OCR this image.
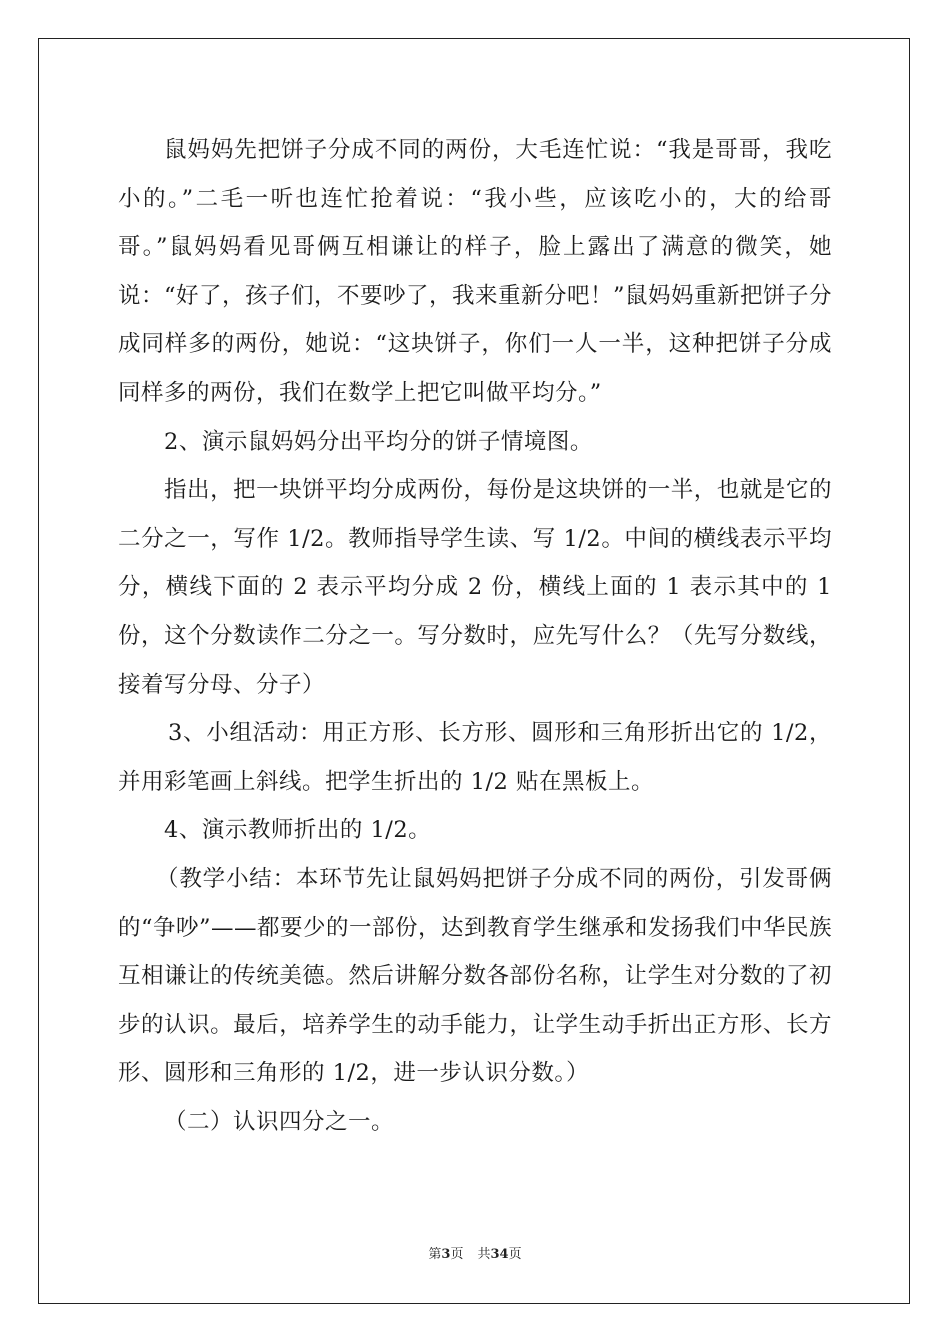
鼠妈妈先把饼子分成不同的两份，大毛连忙说：“我是哥哥，我吃小的。”二毛一听也连忙抢着说：“我小些，应该吃小的，大的给哥哥。”鼠妈妈看见哥俩互相谦让的样子，脸上露出了满意的微笑，她说：“好了，孩子们，不要吵了，我来重新分吧！”鼠妈妈重新把饼子分成同样多的两份，她说：“这块饼子，你们一人一半，这种把饼子分成同样多的两份，我们在数学上把它叫做平均分。”

2、演示鼠妈妈分出平均分的饼子情境图。

指出，把一块饼平均分成两份，每份是这块饼的一半，也就是它的二分之一，写作 1/2。教师指导学生读、写 1/2。中间的横线表示平均分，横线下面的 2 表示平均分成 2 份，横线上面的 1 表示其中的 1 份，这个分数读作二分之一。写分数时，应先写什么？（先写分数线，接着写分母、分子）

3、小组活动：用正方形、长方形、圆形和三角形折出它的 1/2，并用彩笔画上斜线。把学生折出的 1/2 贴在黑板上。

4、演示教师折出的 1/2。

（教学小结：本环节先让鼠妈妈把饼子分成不同的两份，引发哥俩的“争吵”——都要少的一部份，达到教育学生继承和发扬我们中华民族互相谦让的传统美德。然后讲解分数各部份名称，让学生对分数的了初步的认识。最后，培养学生的动手能力，让学生动手折出正方形、长方形、圆形和三角形的 1/2，进一步认识分数。）

（二）认识四分之一。

第3页 共34页
